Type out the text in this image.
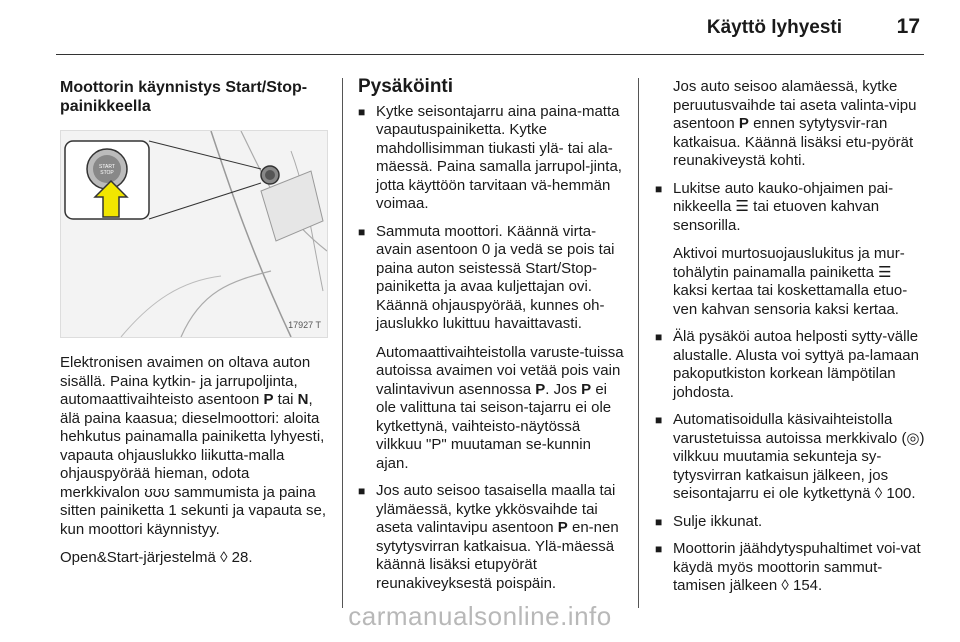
Käyttö lyhyesti	17
Moottorin käynnistys Start/Stop-painikkeella
START
STOP
17927 T

Elektronisen avaimen on oltava auton sisällä. Paina kytkin- ja jarrupoljinta, automaattivaihteisto asentoon P tai N, älä paina kaasua; dieselmoottori: aloita hehkutus painamalla painiketta lyhyesti, vapauta ohjauslukko liikutta-malla ohjauspyörää hieman, odota merkkivalon ʊʊʊ sammumista ja paina sitten painiketta 1 sekunti ja vapauta se, kun moottori käynnistyy.

Open&Start-järjestelmä ◊ 28.

Pysäköinti
■ Kytke seisontajarru aina paina-matta vapautuspainiketta. Kytke mahdollisimman tiukasti ylä- tai ala-mäessä. Paina samalla jarrupol-jinta, jotta käyttöön tarvitaan vä-hemmän voimaa.

■ Sammuta moottori. Käännä virta-avain asentoon 0 ja vedä se pois tai paina auton seistessä Start/Stop-painiketta ja avaa kuljettajan ovi. Käännä ohjauspyörää, kunnes oh-jauslukko lukittuu havaittavasti.

Automaattivaihteistolla varuste-tuissa autoissa avaimen voi vetää pois vain valintavivun asennossa P. Jos P ei ole valittuna tai seison-tajarru ei ole kytkettynä, vaihteisto-näytössä vilkkuu "P" muutaman se-kunnin ajan.

■ Jos auto seisoo tasaisella maalla tai ylämäessä, kytke ykkösvaihde tai aseta valintavipu asentoon P en-nen sytytysvirran katkaisua. Ylä-mäessä käännä lisäksi etupyörät reunakiveyksestä poispäin.

Jos auto seisoo alamäessä, kytke peruutusvaihde tai aseta valinta-vipu asentoon P ennen sytytysvir-ran katkaisua. Käännä lisäksi etu-pyörät reunakiveystä kohti.

■ Lukitse auto kauko-ohjaimen pai-nikkeella ☰ tai etuoven kahvan sensorilla.

Aktivoi murtosuojauslukitus ja mur-tohälytin painamalla painiketta ☰ kaksi kertaa tai koskettamalla etuo-ven kahvan sensoria kaksi kertaa.

■ Älä pysäköi autoa helposti sytty-välle alustalle. Alusta voi syttyä pa-lamaan pakoputkiston korkean lämpötilan johdosta.
■ Automatisoidulla käsivaihteistolla varustetuissa autoissa merkkivalo (◎) vilkkuu muutamia sekunteja sy-tytysvirran katkaisun jälkeen, jos seisontajarru ei ole kytkettynä ◊ 100.
■ Sulje ikkunat.
■ Moottorin jäähdytyspuhaltimet voi-vat käydä myös moottorin sammut-tamisen jälkeen ◊ 154.
carmanualsonline.info
